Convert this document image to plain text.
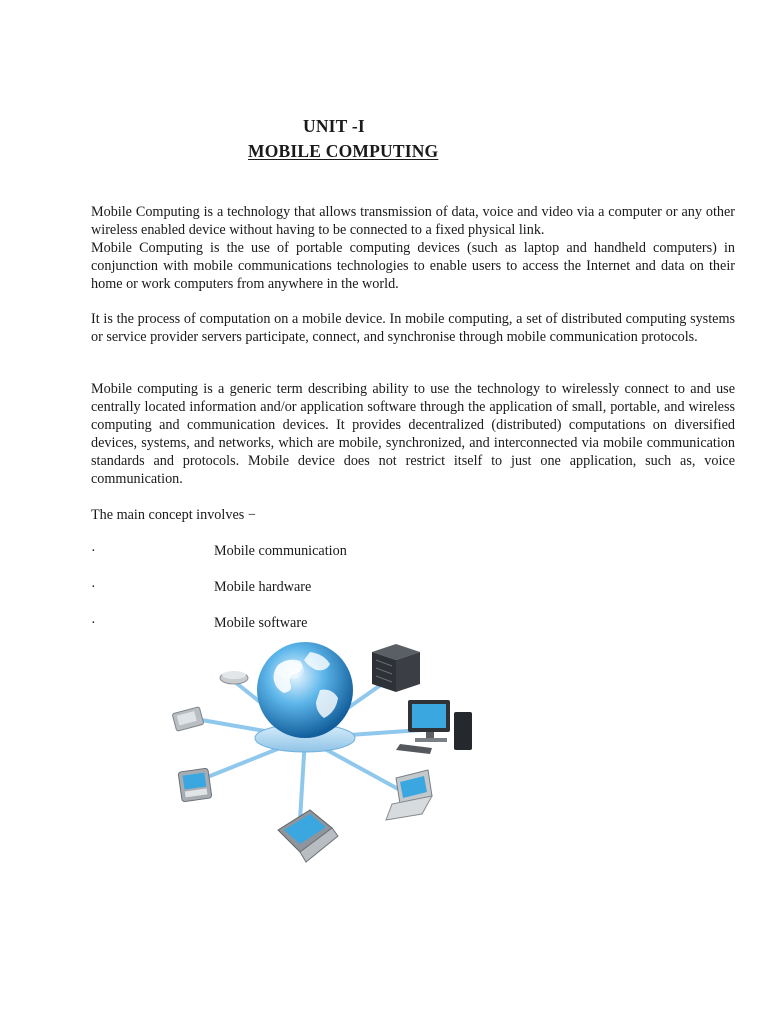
UNIT -I
MOBILE COMPUTING

Mobile Computing is a technology that allows transmission of data, voice and video via a computer or any other wireless enabled device without having to be connected to a fixed physical link.
Mobile Computing is the use of portable computing devices (such as laptop and handheld computers) in conjunction with mobile communications technologies to enable users to access the Internet and data on their home or work computers from anywhere in the world.

It is the process of computation on a mobile device. In mobile computing, a set of distributed computing systems or service provider servers participate, connect, and synchronise through mobile communication protocols.

Mobile computing is a generic term describing ability to use the technology to wirelessly connect to and use centrally located information and/or application software through the application of small, portable, and wireless computing and communication devices. It provides decentralized (distributed) computations on diversified devices, systems, and networks, which are mobile, synchronized, and interconnected via mobile communication standards and protocols. Mobile device does not restrict itself to just one application, such as, voice communication.

The main concept involves −

·	Mobile communication
·	Mobile hardware
·	Mobile software
